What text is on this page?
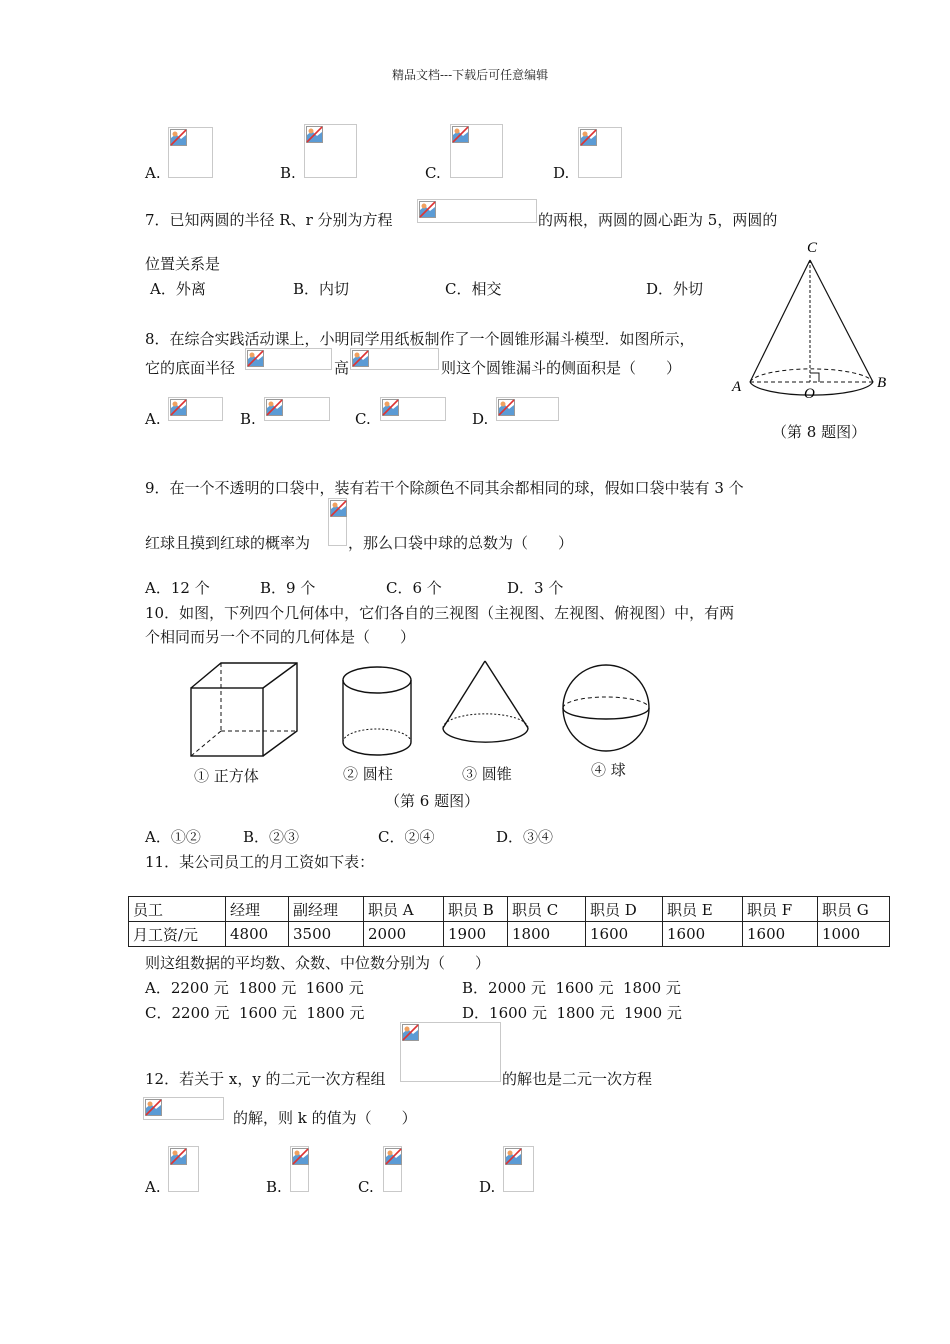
精品文档---下载后可任意编辑
A.	B.	C.	D.
7．已知两圆的半径 R、r 分别为方程	的两根，两圆的圆心距为 5，两圆的
位置关系是
A．外离	B．内切	C．相交	D．外切
8．在综合实践活动课上，小明同学用纸板制作了一个圆锥形漏斗模型．如图所示，
它的底面半径	高	则这个圆锥漏斗的侧面积是（　　）
A.	B.	C.	D.
C
A	O
B
（第 8 题图）
9．在一个不透明的口袋中，装有若干个除颜色不同其余都相同的球，假如口袋中装有 3 个
红球且摸到红球的概率为	，那么口袋中球的总数为（　　）
A．12 个	B．9 个	C．6 个	D．3 个
10．如图，下列四个几何体中，它们各自的三视图（主视图、左视图、俯视图）中，有两
个相同而另一个不同的几何体是（　　）
① 正方体	② 圆柱	③ 圆锥	④ 球
（第 6 题图）
A．①②	B．②③	C．②④	D．③④
11．某公司员工的月工资如下表：
员工	经理	副经理	职员 A	职员 B	职员 C	职员 D	职员 E	职员 F	职员 G
月工资/元	4800	3500	2000	1900	1800	1600	1600	1600	1000
则这组数据的平均数、众数、中位数分别为（　　）
A．2200 元  1800 元  1600 元	B．2000 元  1600 元  1800 元
C．2200 元  1600 元  1800 元	D．1600 元  1800 元  1900 元
12．若关于 x，y 的二元一次方程组	的解也是二元一次方程
的解，则 k 的值为（　　）
A.	B.	C.	D.
